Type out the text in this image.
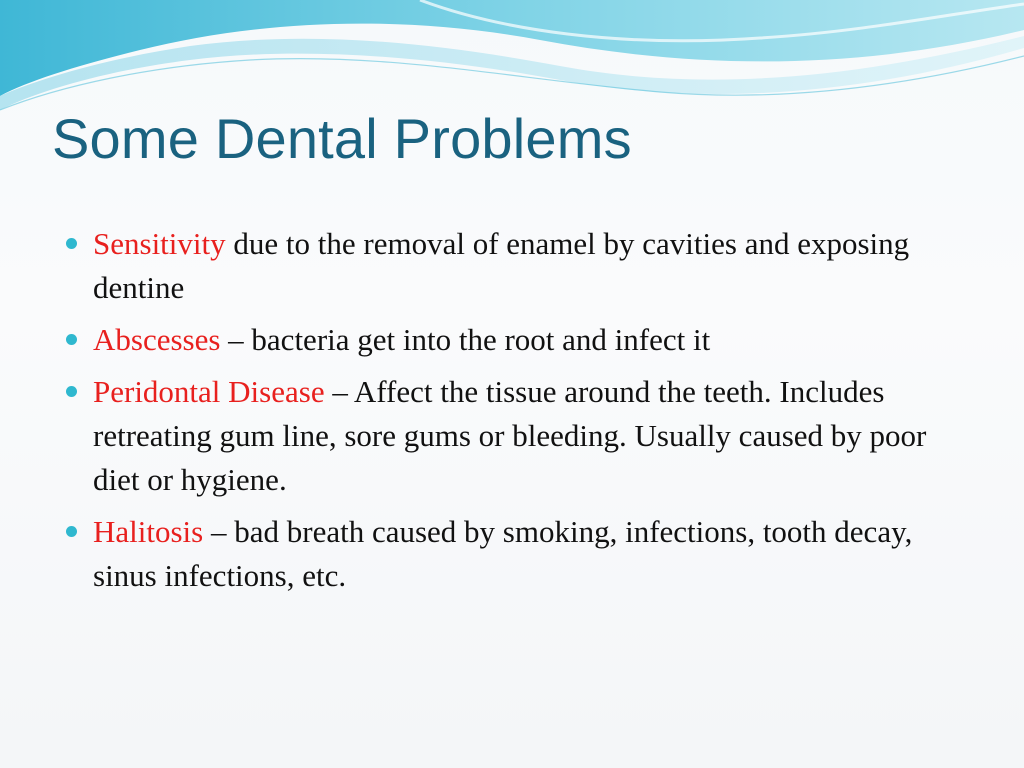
Some Dental Problems
Sensitivity due to the removal of enamel by cavities and exposing dentine
Abscesses – bacteria get into the root and infect it
Peridontal Disease – Affect the tissue around the teeth. Includes retreating gum line, sore gums or bleeding. Usually caused by poor diet or hygiene.
Halitosis – bad breath caused by smoking, infections, tooth decay, sinus infections, etc.
